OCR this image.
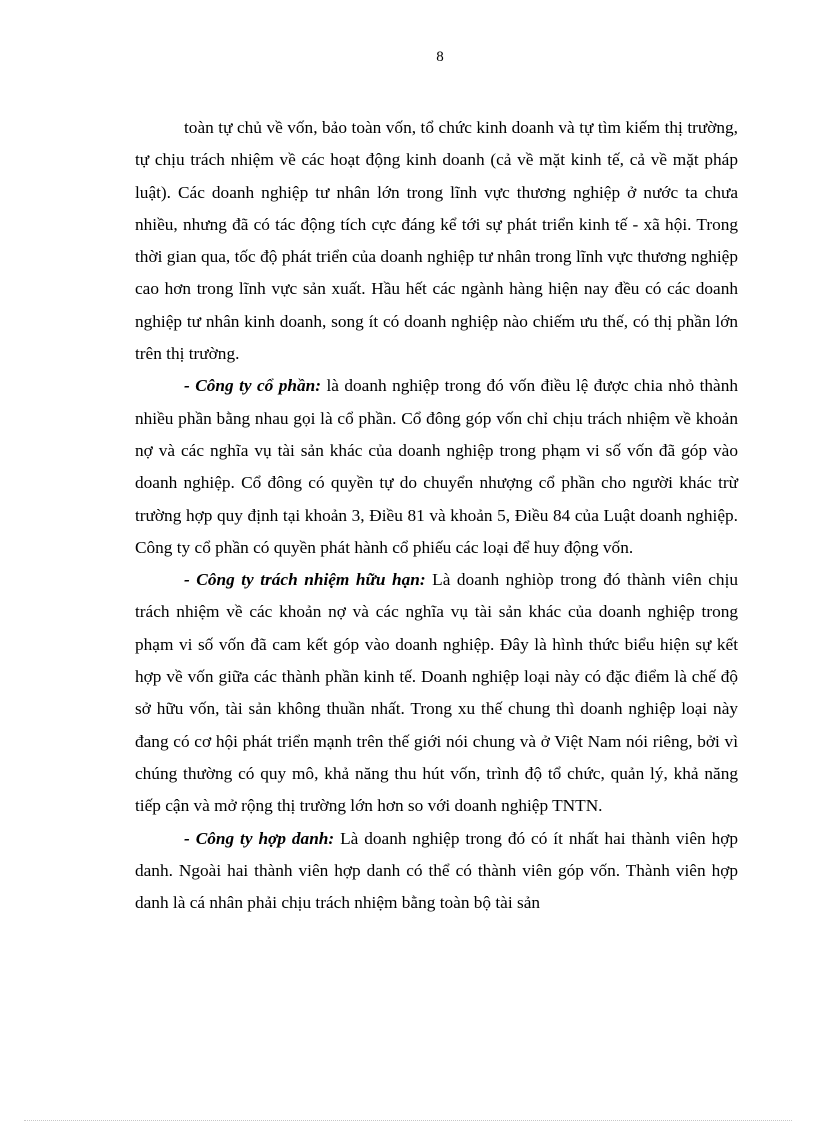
8

toàn tự chủ về vốn, bảo toàn vốn, tổ chức kinh doanh và tự tìm kiếm thị trường, tự chịu trách nhiệm về các hoạt động kinh doanh (cả về mặt kinh tế, cả về mặt pháp luật). Các doanh nghiệp tư nhân lớn trong lĩnh vực thương nghiệp ở nước ta chưa nhiều, nhưng đã có tác động tích cực đáng kể tới sự phát triển kinh tế - xã hội. Trong thời gian qua, tốc độ phát triển của doanh nghiệp tư nhân trong lĩnh vực thương nghiệp cao hơn trong lĩnh vực sản xuất. Hầu hết các ngành hàng hiện nay đều có các doanh nghiệp tư nhân kinh doanh, song ít có doanh nghiệp nào chiếm ưu thế, có thị phần lớn trên thị trường.

- Công ty cổ phần: là doanh nghiệp trong đó vốn điều lệ được chia nhỏ thành nhiều phần bằng nhau gọi là cổ phần. Cổ đông góp vốn chỉ chịu trách nhiệm về khoản nợ và các nghĩa vụ tài sản khác của doanh nghiệp trong phạm vi số vốn đã góp vào doanh nghiệp. Cổ đông có quyền tự do chuyển nhượng cổ phần cho người khác trừ trường hợp quy định tại khoản 3, Điều 81 và khoản 5, Điều 84 của Luật doanh nghiệp. Công ty cổ phần có quyền phát hành cổ phiếu các loại để huy động vốn.

- Công ty trách nhiệm hữu hạn: Là doanh nghiòp trong đó thành viên chịu trách nhiệm về các khoản nợ và các nghĩa vụ tài sản khác của doanh nghiệp trong phạm vi số vốn đã cam kết góp vào doanh nghiệp. Đây là hình thức biểu hiện sự kết hợp về vốn giữa các thành phần kinh tế. Doanh nghiệp loại này có đặc điểm là chế độ sở hữu vốn, tài sản không thuần nhất. Trong xu thế chung thì doanh nghiệp loại này đang có cơ hội phát triển mạnh trên thế giới nói chung và ở Việt Nam nói riêng, bởi vì chúng thường có quy mô, khả năng thu hút vốn, trình độ tổ chức, quản lý, khả năng tiếp cận và mở rộng thị trường lớn hơn so với doanh nghiệp TNTN.

- Công ty hợp danh: Là doanh nghiệp trong đó có ít nhất hai thành viên hợp danh. Ngoài hai thành viên hợp danh có thể có thành viên góp vốn. Thành viên hợp danh là cá nhân phải chịu trách nhiệm bằng toàn bộ tài sản
